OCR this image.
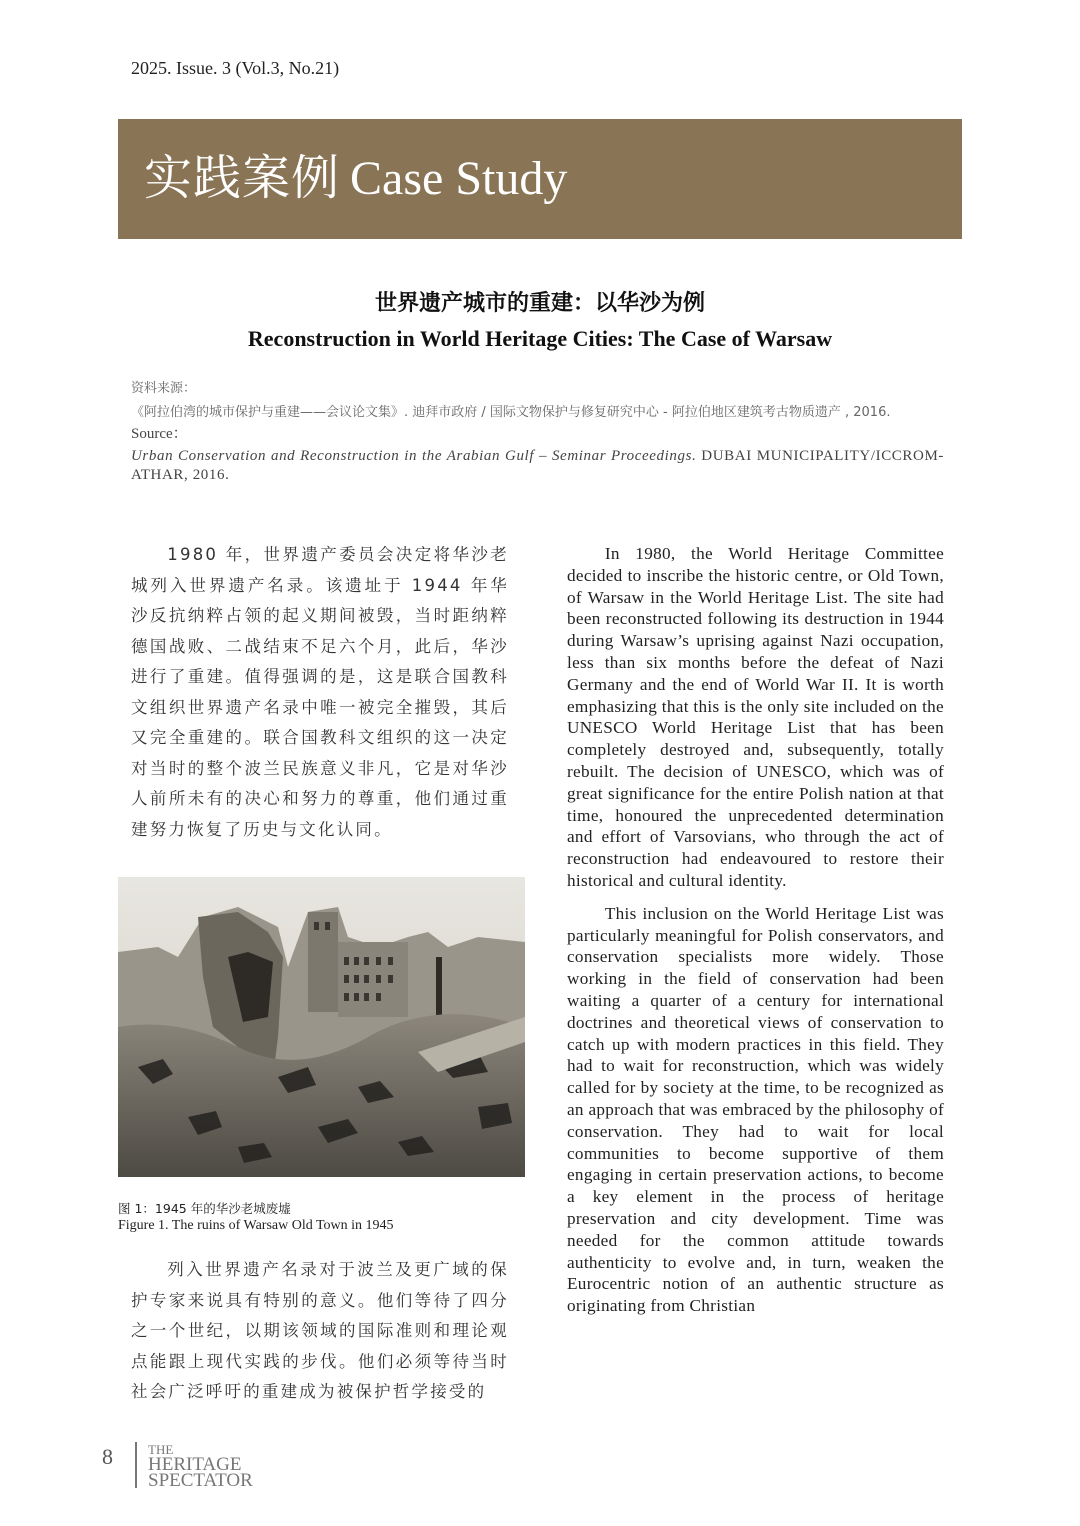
2025. Issue. 3 (Vol.3, No.21)
实践案例 Case Study
世界遗产城市的重建：以华沙为例
Reconstruction in World Heritage Cities: The Case of Warsaw
资料来源：
《阿拉伯湾的城市保护与重建——会议论文集》. 迪拜市政府 / 国际文物保护与修复研究中心 - 阿拉伯地区建筑考古物质遗产 , 2016.
Source：
Urban Conservation and Reconstruction in the Arabian Gulf – Seminar Proceedings. DUBAI MUNICIPALITY/ICCROM-ATHAR, 2016.

1980 年，世界遗产委员会决定将华沙老城列入世界遗产名录。该遗址于 1944 年华沙反抗纳粹占领的起义期间被毁，当时距纳粹德国战败、二战结束不足六个月，此后，华沙进行了重建。值得强调的是，这是联合国教科文组织世界遗产名录中唯一被完全摧毁，其后又完全重建的。联合国教科文组织的这一决定对当时的整个波兰民族意义非凡，它是对华沙人前所未有的决心和努力的尊重，他们通过重建努力恢复了历史与文化认同。

图 1：1945 年的华沙老城废墟
Figure 1. The ruins of Warsaw Old Town in 1945

列入世界遗产名录对于波兰及更广域的保护专家来说具有特别的意义。他们等待了四分之一个世纪，以期该领域的国际准则和理论观点能跟上现代实践的步伐。他们必须等待当时社会广泛呼吁的重建成为被保护哲学接受的

In 1980, the World Heritage Committee decided to inscribe the historic centre, or Old Town, of Warsaw in the World Heritage List. The site had been reconstructed following its destruction in 1944 during Warsaw’s uprising against Nazi occupation, less than six months before the defeat of Nazi Germany and the end of World War II. It is worth emphasizing that this is the only site included on the UNESCO World Heritage List that has been completely destroyed and, subsequently, totally rebuilt. The decision of UNESCO, which was of great significance for the entire Polish nation at that time, honoured the unprecedented determination and effort of Varsovians, who through the act of reconstruction had endeavoured to restore their historical and cultural identity.

This inclusion on the World Heritage List was particularly meaningful for Polish conservators, and conservation specialists more widely. Those working in the field of conservation had been waiting a quarter of a century for international doctrines and theoretical views of conservation to catch up with modern practices in this field. They had to wait for reconstruction, which was widely called for by society at the time, to be recognized as an approach that was embraced by the philosophy of conservation. They had to wait for local communities to become supportive of them engaging in certain preservation actions, to become a key element in the process of heritage preservation and city development. Time was needed for the common attitude towards authenticity to evolve and, in turn, weaken the Eurocentric notion of an authentic structure as originating from Christian

8	THE
HERITAGE
SPECTATOR
